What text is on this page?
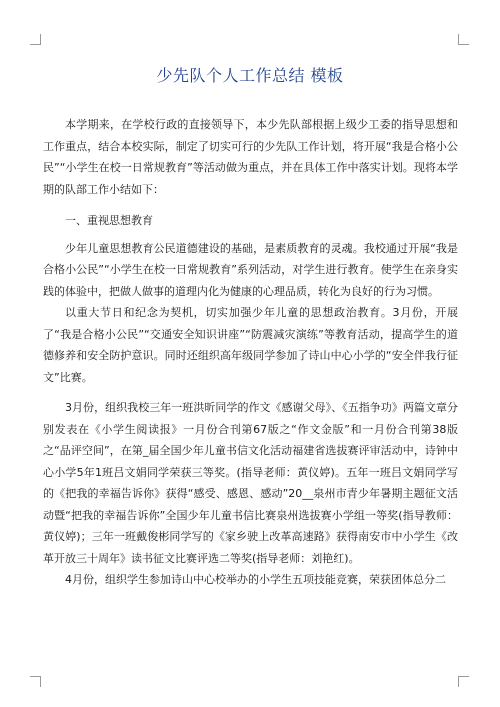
少先队个人工作总结 模板

本学期来，在学校行政的直接领导下，本少先队部根据上级少工委的指导思想和工作重点，结合本校实际，制定了切实可行的少先队工作计划，将开展“我是合格小公民”“小学生在校一日常规教育”等活动做为重点，并在具体工作中落实计划。现将本学期的队部工作小结如下：

一、重视思想教育

少年儿童思想教育公民道德建设的基础，是素质教育的灵魂。我校通过开展“我是合格小公民”“小学生在校一日常规教育”系列活动，对学生进行教育。使学生在亲身实践的体验中，把做人做事的道理内化为健康的心理品质，转化为良好的行为习惯。

以重大节日和纪念为契机，切实加强少年儿童的思想政治教育。3月份，开展了“我是合格小公民”“交通安全知识讲座”“防震减灾演练”等教育活动，提高学生的道德修养和安全防护意识。同时还组织高年级同学参加了诗山中心小学的“安全伴我行征文”比赛。

3月份，组织我校三年一班洪昕同学的作文《感谢父母》、《五指争功》两篇文章分别发表在《小学生阅读报》一月份合刊第67版之“作文金版”和一月份合刊第38版之“品评空间”，在第_届全国少年儿童书信文化活动福建省选拔赛评审活动中，诗钟中心小学5年1班吕文娟同学荣获三等奖。(指导老师：黄仪婷)。五年一班吕文娟同学写的《把我的幸福告诉你》获得“感受、感恩、感动”20__泉州市青少年暑期主题征文活动暨“把我的幸福告诉你”全国少年儿童书信比赛泉州选拔赛小学组一等奖(指导教师：黄仪婷)；三年一班戴俊彬同学写的《家乡驶上改革高速路》获得南安市中小学生《改革开放三十周年》读书征文比赛评选二等奖(指导老师：刘艳红)。

4月份，组织学生参加诗山中心校举办的小学生五项技能竞赛，荣获团体总分二
